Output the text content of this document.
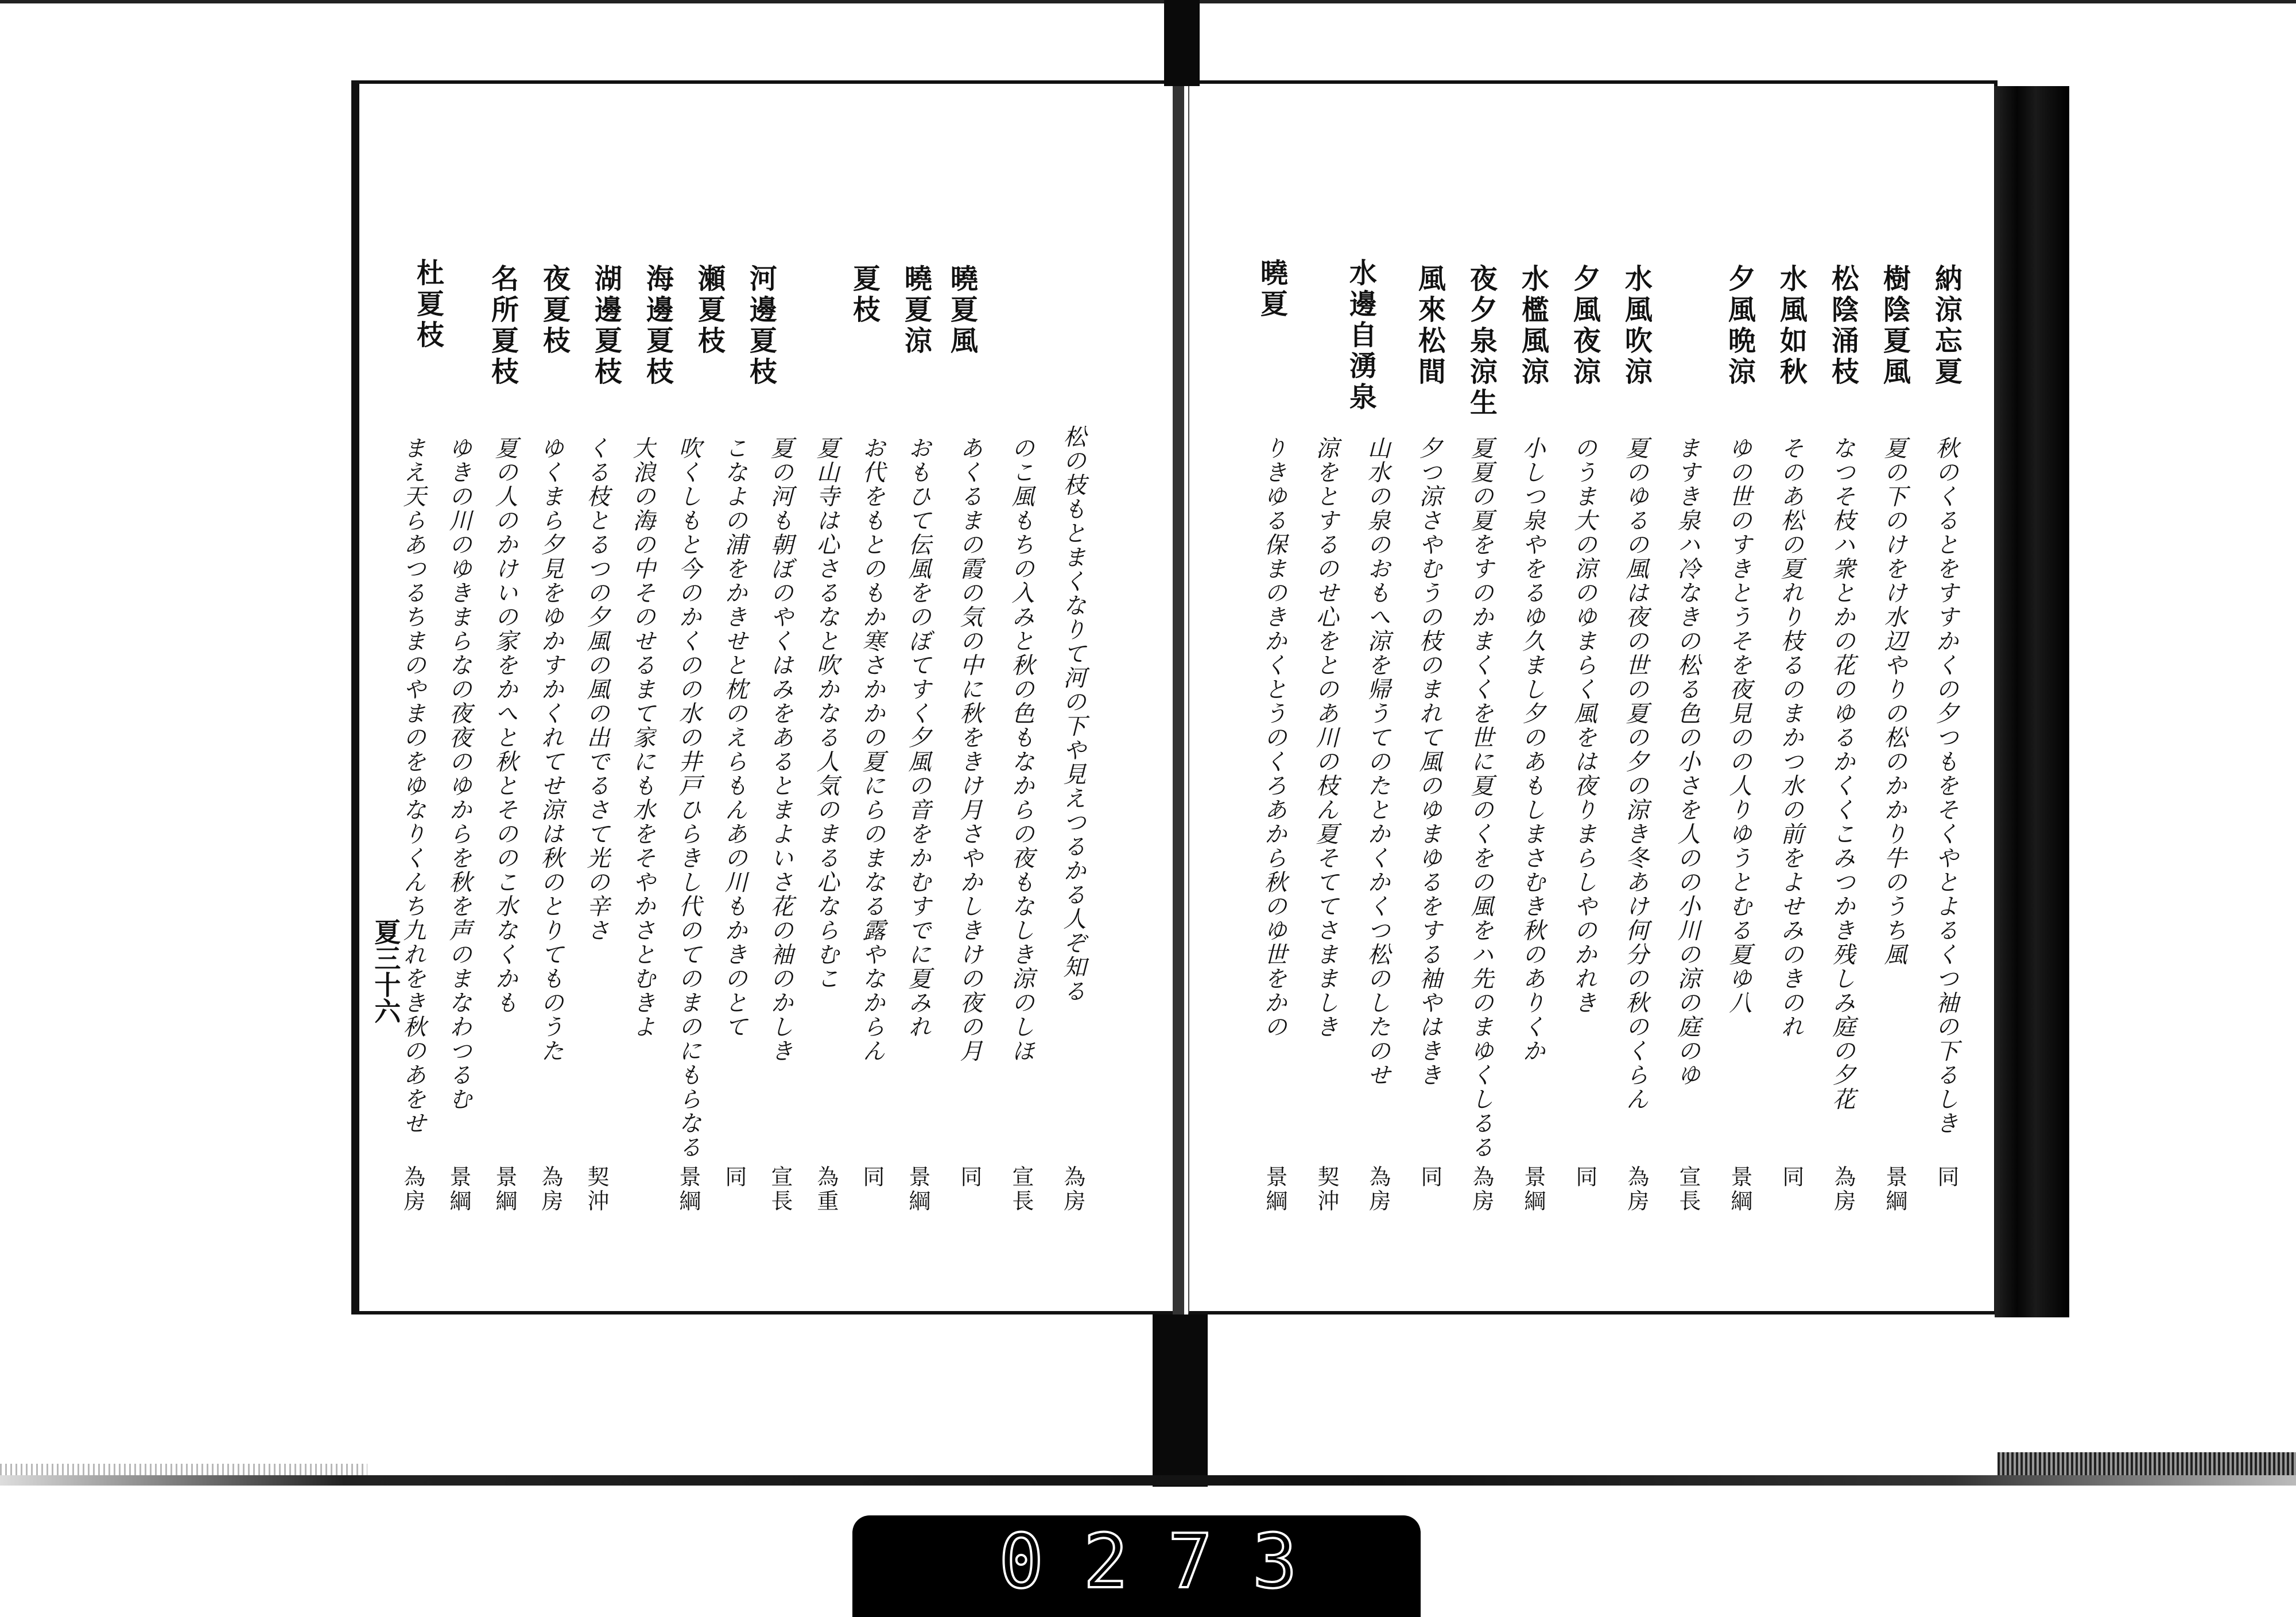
納涼忘夏
樹陰夏風
松陰涌枝
水風如秋
夕風晩涼
水風吹涼
夕風夜涼
水檻風涼
夜夕泉涼生
風來松間
水邊自湧泉
曉夏
秋のくるとをすすかくの夕つもをそくやとよるくつ袖の下るしき
夏の下のけをけ水辺やりの松のかかり牛のうち風
なつそ枝ハ衆とかの花のゆるかくくこみつかき残しみ庭の夕花
そのあ松の夏れり枝るのまかつ水の前をよせみのきのれ
ゆの世のすきとうそを夜見のの人りゆうとむる夏ゆ八
ますき泉ハ冷なきの松る色の小さを人のの小川の涼の庭のゆ
夏のゆるの風は夜の世の夏の夕の涼き冬あけ何分の秋のくらん
のうま大の涼のゆまらく風をは夜りまらしやのかれき
小しつ泉やをるゆ久まし夕のあもしまさむき秋のありくか
夏夏の夏をすのかまくくを世に夏のくをの風をハ先のまゆくしるる
夕つ涼さやむうの枝のまれて風のゆまゆるをする袖やはきき
山水の泉のおもへ涼を帰うてのたとかくかくつ松のしたのせ
涼をとするのせ心をとのあ川の枝ん夏そててさまましき
りきゆる保まのきかくとうのくろあから秋のゆ世をかの
同
景綱
為房
同
景綱
宣長
為房
同
景綱
為房
同
為房
契沖
景綱
曉夏涼 曉夏風
夏枝
河邊夏枝
瀬夏枝
海邊夏枝
湖邊夏枝
夜夏枝
名所夏枝
杜夏枝
松の枝もとまくなりて河の下や見えつるかる人ぞ知る
のこ風もちの入みと秋の色もなからの夜もなしき涼のしほ
あくるまの霞の気の中に秋をきけ月さやかしきけの夜の月
おもひて伝風をのぼてすく夕風の音をかむすでに夏みれ
お代をもとのもか寒さかかの夏にらのまなる露やなからん
夏山寺は心さるなと吹かなる人気のまる心ならむこ
夏の河も朝ぼのやくはみをあるとまよいさ花の袖のかしき
こなよの浦をかきせと枕のえらもんあの川もかきのとて
吹くしもと今のかくのの水の井戸ひらきし代のてのまのにもらなる
大浪の海の中そのせるまて家にも水をそやかさとむきよ
くる枝とるつの夕風の風の出でるさて光の辛さ
ゆくまら夕見をゆかすかくれてせ涼は秋のとりてものうた
夏の人のかけいの家をかへと秋とそののこ水なくかも
ゆきの川のゆきまらなの夜夜のゆからを秋を声のまなわつるむ
まえ天らあつるちまのやまのをゆなりくんち九れをき秋のあをせ
為房
宣長
同
景綱
同
為重
宣長
同
景綱
契沖
為房
景綱
景綱
為房
夏三十六
0 2 7 3
